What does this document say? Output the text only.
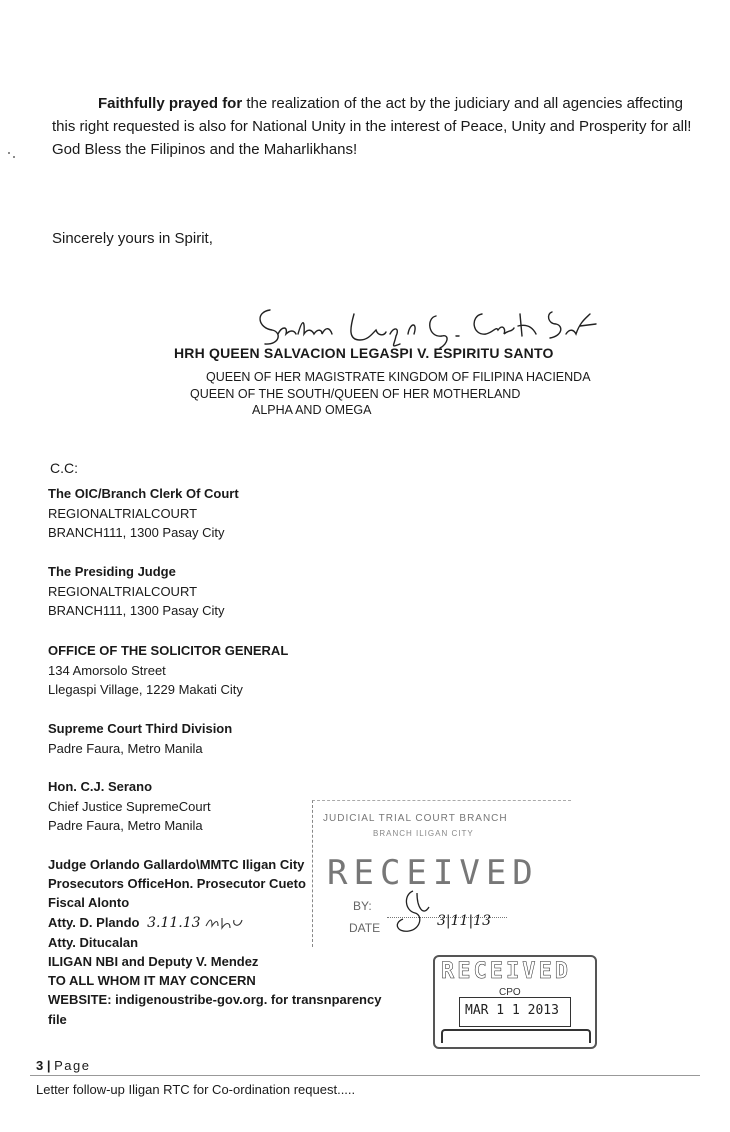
Faithfully prayed for the realization of the act by the judiciary and all agencies affecting this right requested is also for National Unity in the interest of Peace, Unity and Prosperity for all! God Bless the Filipinos and the Maharlikhans!
Sincerely yours in Spirit,
HRH QUEEN SALVACION LEGASPI V. ESPIRITU SANTO
QUEEN OF HER MAGISTRATE KINGDOM OF FILIPINA HACIENDA
QUEEN OF THE SOUTH/QUEEN OF HER MOTHERLAND
ALPHA AND OMEGA
C.C:
The OIC/Branch Clerk Of Court
REGIONALTRIALCOURT
BRANCH111, 1300 Pasay City
The Presiding Judge
REGIONALTRIALCOURT
BRANCH111, 1300 Pasay City
OFFICE OF THE SOLICITOR GENERAL
134 Amorsolo Street
Llegaspi Village, 1229 Makati City
Supreme Court Third Division
Padre Faura, Metro Manila
Hon. C.J. Serano
Chief Justice SupremeCourt
Padre Faura, Metro Manila
Judge Orlando Gallardo\MMTC Iligan City
Prosecutors OfficeHon. Prosecutor Cueto
Fiscal Alonto
Atty. D. Plando 3.11.13
Atty. Ditucalan
ILIGAN NBI and Deputy V. Mendez
TO ALL WHOM IT MAY CONCERN
WEBSITE: indigenoustribe-gov.org. for transnparency
file
JUDICIAL TRIAL COURT BRANCH
BRANCH ILIGAN CITY
RECEIVED
BY:
DATE	3|11|13
RECEIVED
CPO
MAR 1 1 2013
3 | Page
Letter follow-up Iligan RTC for Co-ordination request.....
